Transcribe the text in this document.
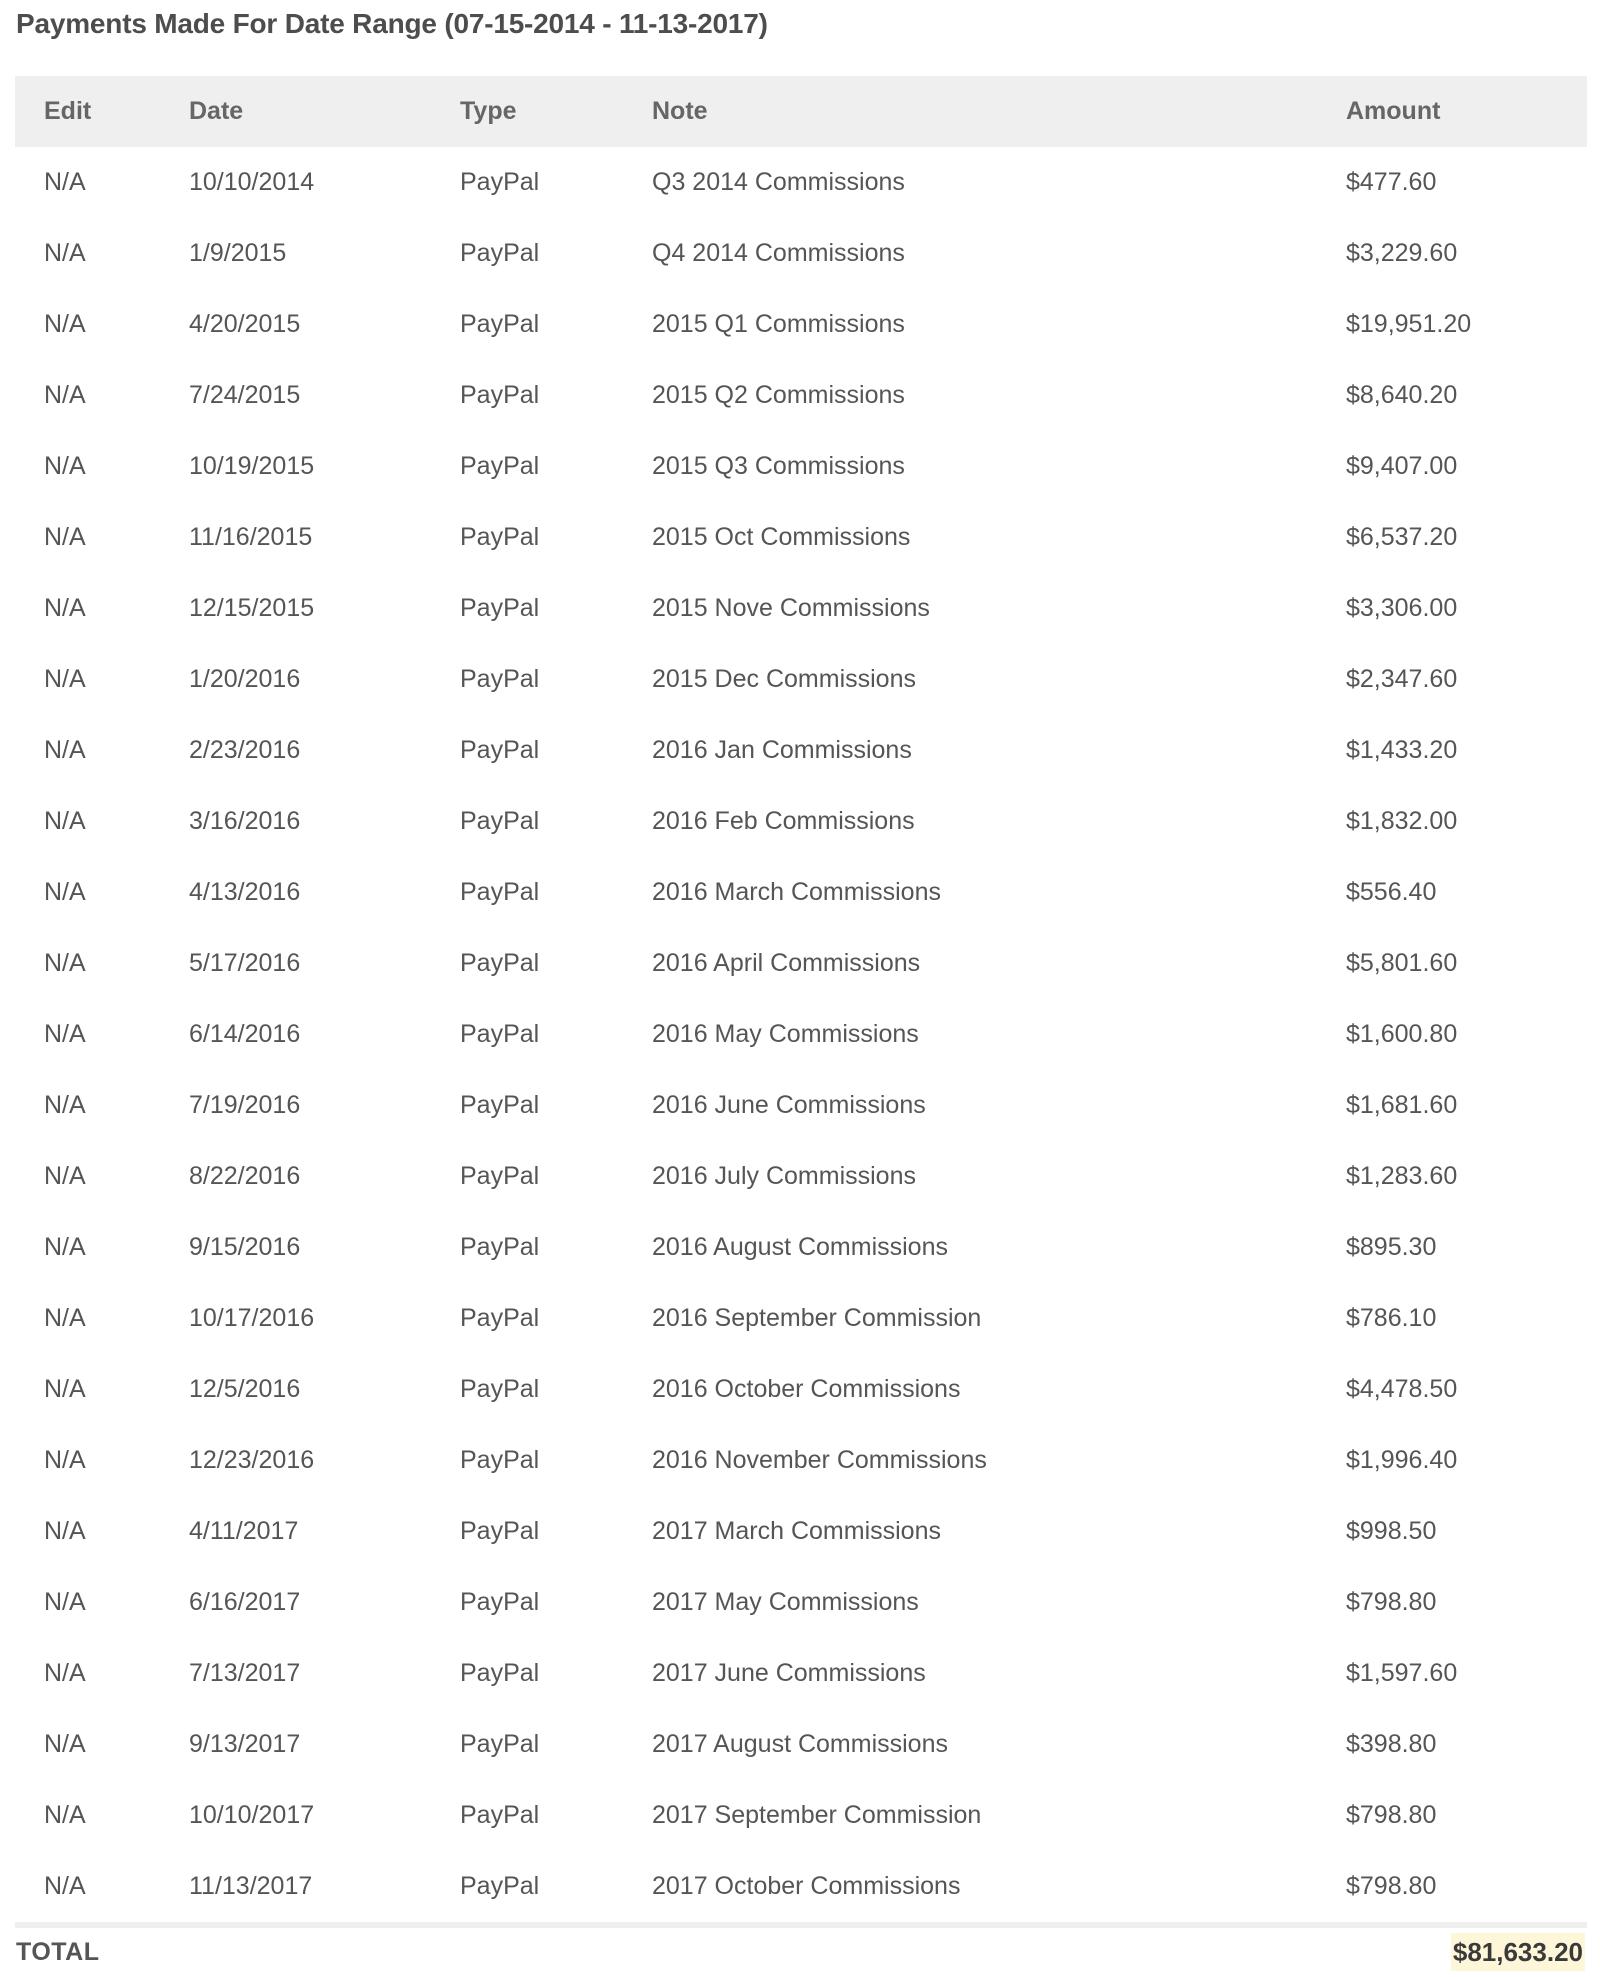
Payments Made For Date Range (07-15-2014 - 11-13-2017)
Edit	Date	Type	Note	Amount
N/A	10/10/2014	PayPal	Q3 2014 Commissions	$477.60
N/A	1/9/2015	PayPal	Q4 2014 Commissions	$3,229.60
N/A	4/20/2015	PayPal	2015 Q1 Commissions	$19,951.20
N/A	7/24/2015	PayPal	2015 Q2 Commissions	$8,640.20
N/A	10/19/2015	PayPal	2015 Q3 Commissions	$9,407.00
N/A	11/16/2015	PayPal	2015 Oct Commissions	$6,537.20
N/A	12/15/2015	PayPal	2015 Nove Commissions	$3,306.00
N/A	1/20/2016	PayPal	2015 Dec Commissions	$2,347.60
N/A	2/23/2016	PayPal	2016 Jan Commissions	$1,433.20
N/A	3/16/2016	PayPal	2016 Feb Commissions	$1,832.00
N/A	4/13/2016	PayPal	2016 March Commissions	$556.40
N/A	5/17/2016	PayPal	2016 April Commissions	$5,801.60
N/A	6/14/2016	PayPal	2016 May Commissions	$1,600.80
N/A	7/19/2016	PayPal	2016 June Commissions	$1,681.60
N/A	8/22/2016	PayPal	2016 July Commissions	$1,283.60
N/A	9/15/2016	PayPal	2016 August Commissions	$895.30
N/A	10/17/2016	PayPal	2016 September Commission	$786.10
N/A	12/5/2016	PayPal	2016 October Commissions	$4,478.50
N/A	12/23/2016	PayPal	2016 November Commissions	$1,996.40
N/A	4/11/2017	PayPal	2017 March Commissions	$998.50
N/A	6/16/2017	PayPal	2017 May Commissions	$798.80
N/A	7/13/2017	PayPal	2017 June Commissions	$1,597.60
N/A	9/13/2017	PayPal	2017 August Commissions	$398.80
N/A	10/10/2017	PayPal	2017 September Commission	$798.80
N/A	11/13/2017	PayPal	2017 October Commissions	$798.80
TOTAL	$81,633.20
